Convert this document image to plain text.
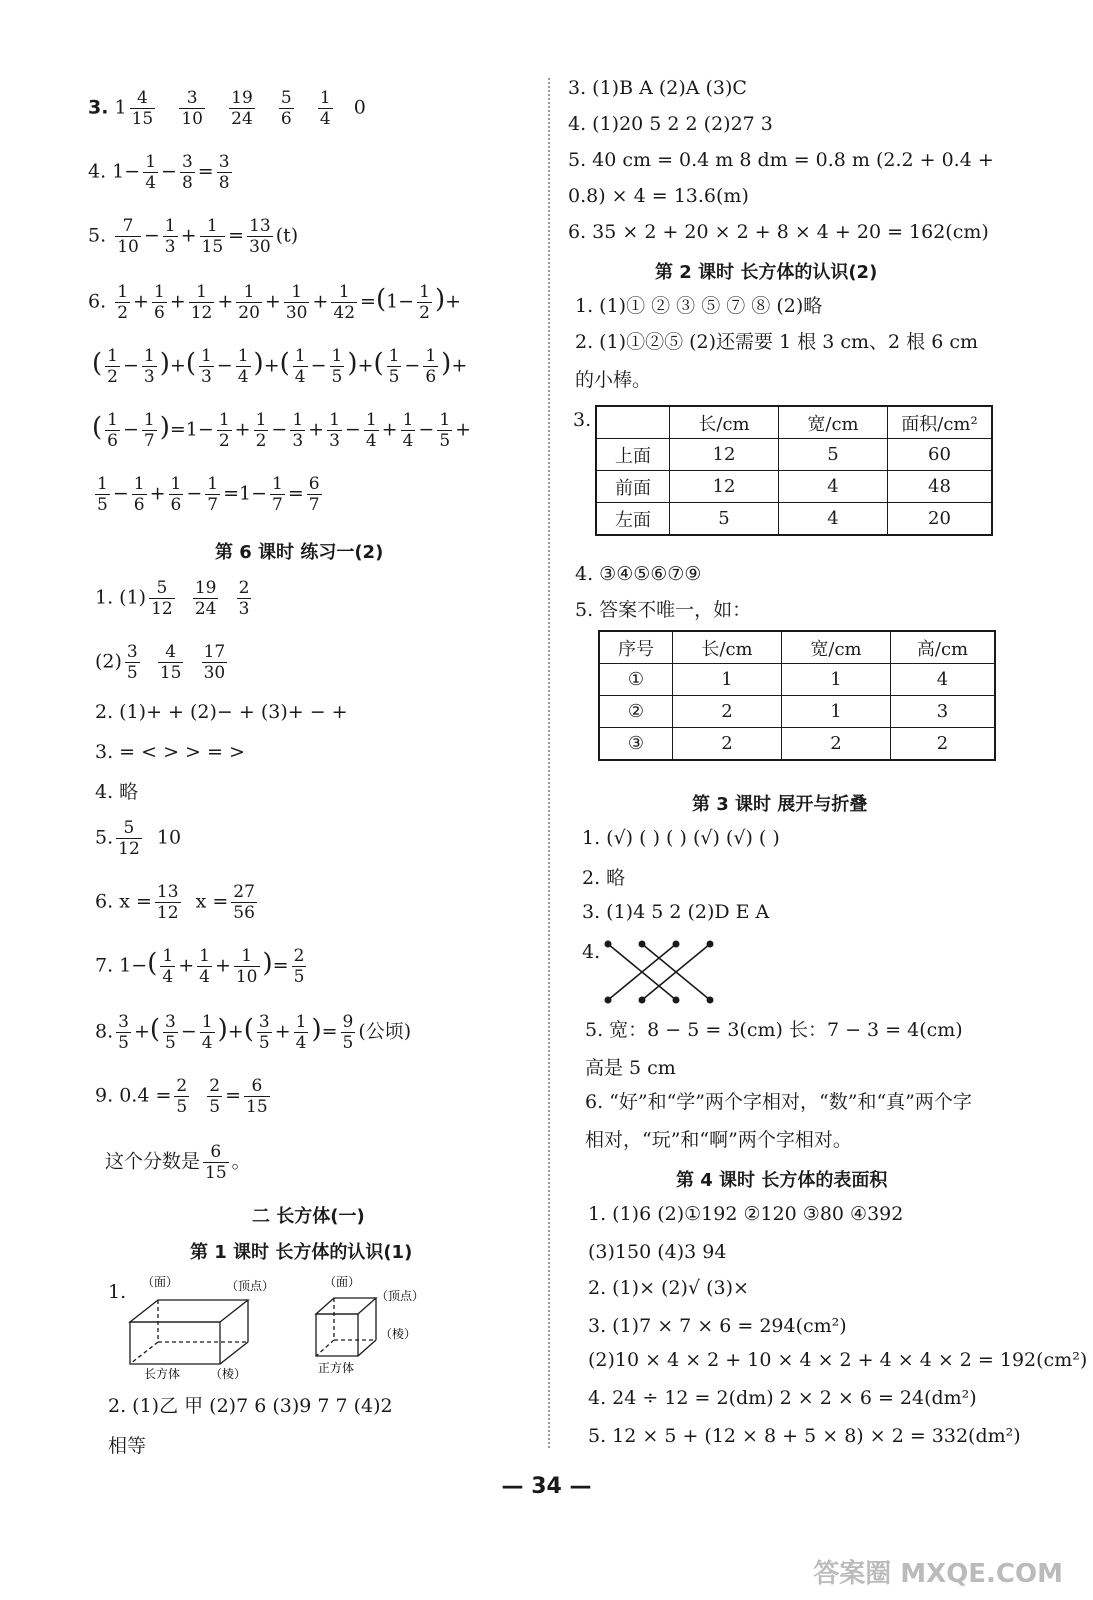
3. $1 \frac{4}{15}$
$\frac{3}{10}$
$\frac{19}{24}$
$\frac{5}{6}$
$\frac{1}{4} 0$
4. $1- \frac{1}{4} - \frac{3}{8} = \frac{3}{8}$
5. $\frac{7}{10} - \frac{1}{3} + \frac{1}{15} = \frac{13}{30} (t)$
6. $\frac{1}{2} + \frac{1}{6} + \frac{1}{12} + \frac{1}{20} + \frac{1}{30} + \frac{1}{42} =(1- \frac{1}{2}$ )+
( $\frac{1}{2} - \frac{1}{3}$ )+( $\frac{1}{3} - \frac{1}{4}$ )+( $\frac{1}{4} - \frac{1}{5}$ )+( $\frac{1}{5} - \frac{1}{6}$ )+
( $\frac{1}{6} - \frac{1}{7} )=1- \frac{1}{2} + \frac{1}{2} - \frac{1}{3} + \frac{1}{3} - \frac{1}{4} + \frac{1}{4} - \frac{1}{5}$ +
$\frac{1}{5} - \frac{1}{6} + \frac{1}{6} - \frac{1}{7} =1- \frac{1}{7} = \frac{6}{7}$
第 6 课时 练习一(2)
1. $(1) \frac{5}{12}$
$\frac{19}{24}$
$\frac{2}{3}$
$(2) \frac{3}{5}$
$\frac{4}{15}$
$\frac{17}{30}$
2. (1)+ + (2)− + (3)+ − +
3. = < > > = >
4. 略
5. $\frac{5}{12} 10$
6. $x = \frac{13}{12}$ $x = \frac{27}{56}$
7. $1-( \frac{1}{4} + \frac{1}{4} + \frac{1}{10}$ )= $\frac{2}{5}$
8. $\frac{3}{5}$ +( $\frac{3}{5} - \frac{1}{4}$ )+( $\frac{3}{5} + \frac{1}{4}$ )= $\frac{9}{5}$ (公顷)
9. $0.4 = \frac{2}{5}$
$\frac{2}{5} = \frac{6}{15}$
这个分数是 $\frac{6}{15}$ 。
二 长方体(一)
第 1 课时 长方体的认识(1)
1. （面）	（顶点）
长方体 （棱）
（面）
（顶点）
（棱）
正方体
2. (1)乙 甲 (2)7 6 (3)9 7 7 (4)2
相等
3. (1)B A (2)A (3)C
4. (1)20 5 2 2 (2)27 3
5. 40 cm = 0.4 m 8 dm = 0.8 m (2.2 + 0.4 +
0.8) × 4 = 13.6(m)
6. 35 × 2 + 20 × 2 + 8 × 4 + 20 = 162(cm)
第 2 课时 长方体的认识(2)
1. (1)① ② ③ ⑤ ⑦ ⑧ (2)略
2. (1)①②⑤ (2)还需要 1 根 3 cm、2 根 6 cm
的小棒。
3.
		长/cm	宽/cm	面积/cm²
上面	12	5	60
前面	12	4	48
左面	5	4	20
4. ③④⑤⑥⑦⑨
5. 答案不唯一，如：
序号	长/cm	宽/cm	高/cm
①	1	1	4
②	2	1	3
③	2	2	2
第 3 课时 展开与折叠
1. (√) ( ) ( ) (√) (√) ( )
2. 略
3. (1)4 5 2 (2)D E A
4.
5. 宽：8 − 5 = 3(cm) 长：7 − 3 = 4(cm)
高是 5 cm
6. “好”和“学”两个字相对，“数”和“真”两个字
相对，“玩”和“啊”两个字相对。
第 4 课时 长方体的表面积
1. (1)6 (2)①192 ②120 ③80 ④392
(3)150 (4)3 94
2. (1)× (2)√ (3)×
3. (1)7 × 7 × 6 = 294(cm²)
(2)10 × 4 × 2 + 10 × 4 × 2 + 4 × 4 × 2 = 192(cm²)
4. 24 ÷ 12 = 2(dm) 2 × 2 × 6 = 24(dm²)
5. 12 × 5 + (12 × 8 + 5 × 8) × 2 = 332(dm²)
— 34 —
答案圈 MXQE.COM
